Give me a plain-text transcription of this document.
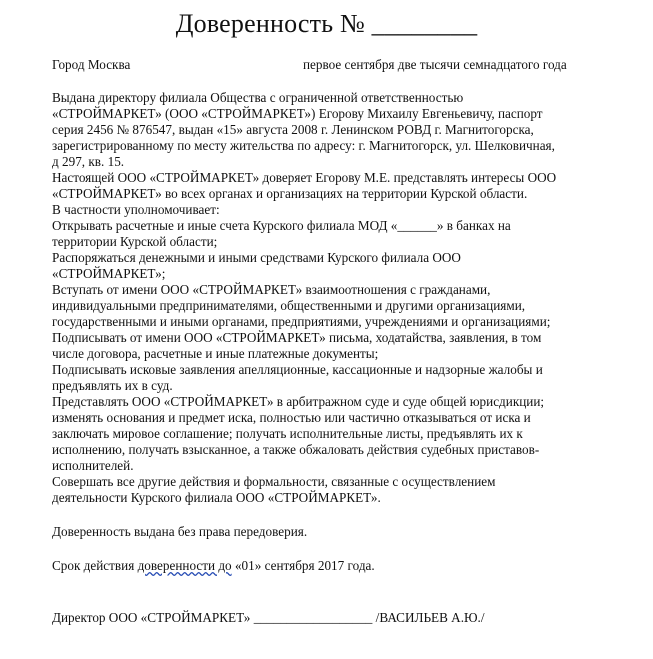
Доверенность № ________
Город Москва	первое сентября две тысячи семнадцатого года
Выдана директору филиала Общества с ограниченной ответственностью
«СТРОЙМАРКЕТ» (ООО «СТРОЙМАРКЕТ») Егорову Михаилу Евгеньевичу, паспорт
серия 2456 № 876547, выдан «15» августа 2008 г. Ленинском РОВД г. Магнитогорска,
зарегистрированному по месту жительства по адресу: г. Магнитогорск, ул. Шелковичная,
д 297, кв. 15.
Настоящей ООО «СТРОЙМАРКЕТ» доверяет Егорову М.Е. представлять интересы ООО
«СТРОЙМАРКЕТ» во всех органах и организациях на территории Курской области.
В частности уполномочивает:
Открывать расчетные и иные счета Курского филиала МОД «______» в банках на
территории Курской области;
Распоряжаться денежными и иными средствами Курского филиала ООО
«СТРОЙМАРКЕТ»;
Вступать от имени ООО «СТРОЙМАРКЕТ» взаимоотношения с гражданами,
индивидуальными предпринимателями, общественными и другими организациями,
государственными и иными органами, предприятиями, учреждениями и организациями;
Подписывать от имени ООО «СТРОЙМАРКЕТ» письма, ходатайства, заявления, в том
числе договора, расчетные и иные платежные документы;
Подписывать исковые заявления апелляционные, кассационные и надзорные жалобы и
предъявлять их в суд.
Представлять ООО «СТРОЙМАРКЕТ» в арбитражном суде и суде общей юрисдикции;
изменять основания и предмет иска, полностью или частично отказываться от иска и
заключать мировое соглашение; получать исполнительные листы, предъявлять их к
исполнению, получать взысканное, а также обжаловать действия судебных приставов-
исполнителей.
Совершать все другие действия и формальности, связанные с осуществлением
деятельности Курского филиала ООО «СТРОЙМАРКЕТ».
Доверенность выдана без права передоверия.
Срок действия доверенности до «01» сентября 2017 года.
Директор ООО «СТРОЙМАРКЕТ» __________________ /ВАСИЛЬЕВ А.Ю./
